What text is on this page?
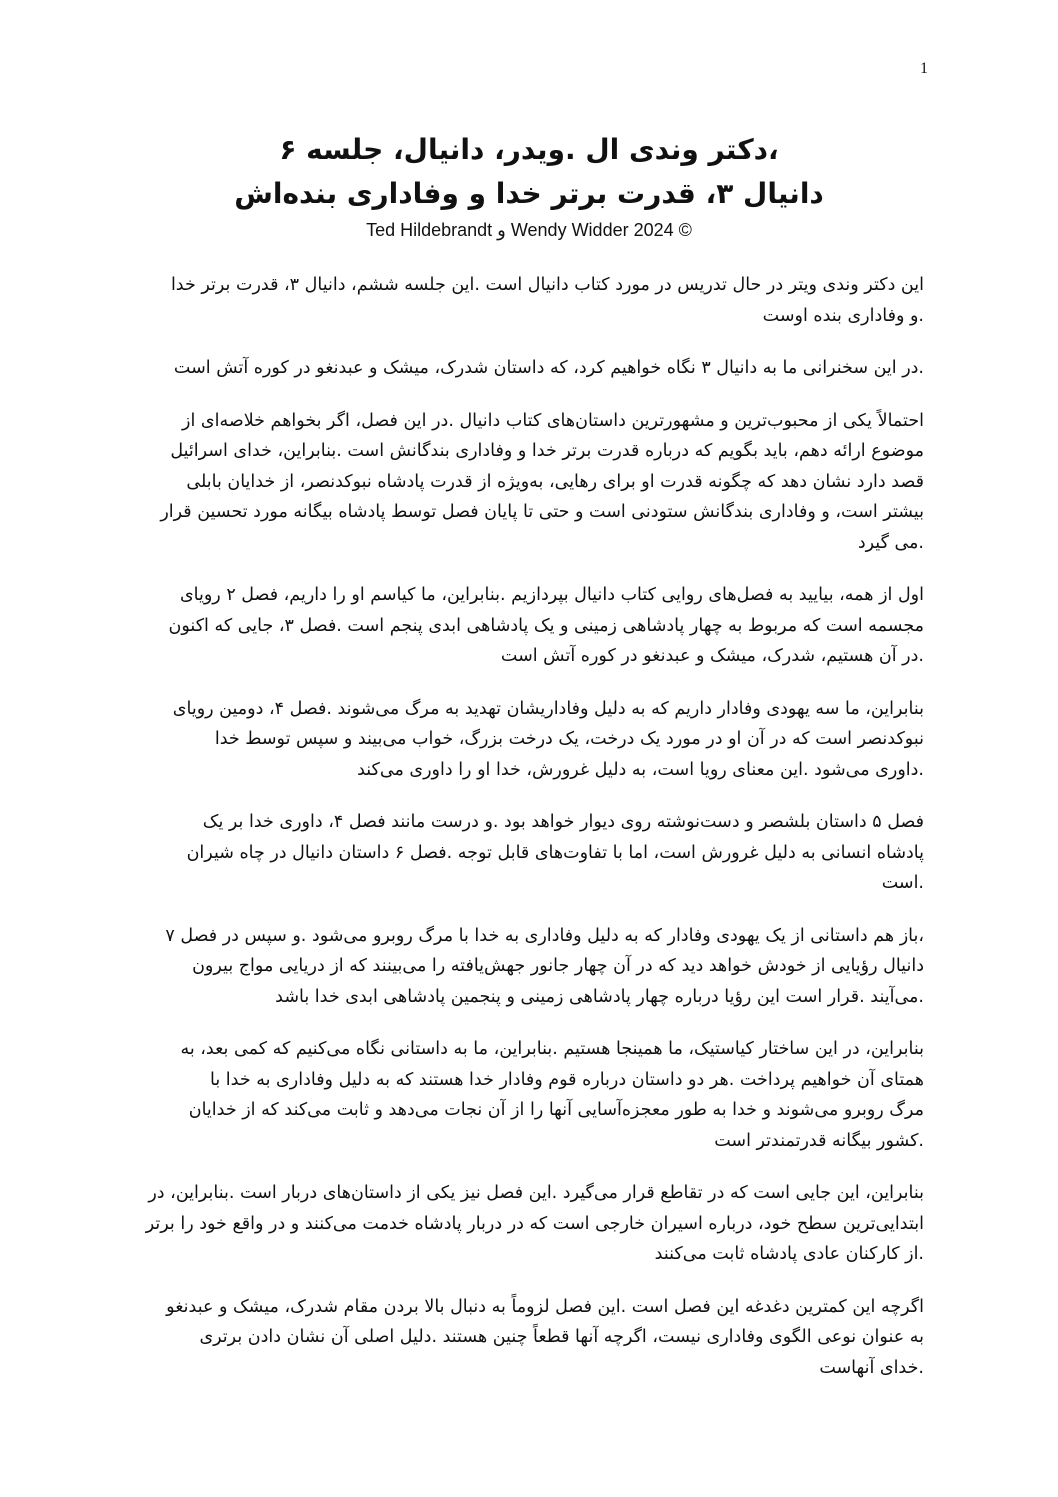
1
،دکتر وندی ال .ویدر، دانیال، جلسه ۶
دانیال ۳، قدرت برتر خدا و وفاداری بنده‌اش
© 2024 Wendy Widder و Ted Hildebrandt
این دکتر وندی ویتر در حال تدریس در مورد کتاب دانیال است .این جلسه ششم، دانیال ۳، قدرت برتر خدا
.و وفاداری بنده اوست
.در این سخنرانی ما به دانیال ۳ نگاه خواهیم کرد، که داستان شدرک، میشک و عبدنغو در کوره آتش است
احتمالاً یکی از محبوب‌ترین و مشهورترین داستان‌های کتاب دانیال .در این فصل، اگر بخواهم خلاصه‌ای از
موضوع ارائه دهم، باید بگویم که درباره قدرت برتر خدا و وفاداری بندگانش است .بنابراین، خدای اسرائیل
قصد دارد نشان دهد که چگونه قدرت او برای رهایی، به‌ویژه از قدرت پادشاه نبوکدنصر، از خدایان بابلی
بیشتر است، و وفاداری بندگانش ستودنی است و حتی تا پایان فصل توسط پادشاه بیگانه مورد تحسین قرار
.می گیرد
اول از همه، بیایید به فصل‌های روایی کتاب دانیال بپردازیم .بنابراین، ما کیاسم او را داریم، فصل ۲ رویای
مجسمه است که مربوط به چهار پادشاهی زمینی و یک پادشاهی ابدی پنجم است .فصل ۳، جایی که اکنون
.در آن هستیم، شدرک، میشک و عبدنغو در کوره آتش است
بنابراین، ما سه یهودی وفادار داریم که به دلیل وفاداریشان تهدید به مرگ می‌شوند .فصل ۴، دومین رویای
نبوکدنصر است که در آن او در مورد یک درخت، یک درخت بزرگ، خواب می‌بیند و سپس توسط خدا
.داوری می‌شود .این معنای رویا است، به دلیل غرورش، خدا او را داوری می‌کند
فصل ۵ داستان بلشصر و دست‌نوشته روی دیوار خواهد بود .و درست مانند فصل ۴، داوری خدا بر یک
پادشاه انسانی به دلیل غرورش است، اما با تفاوت‌های قابل توجه .فصل ۶ داستان دانیال در چاه شیران
.است
،باز هم داستانی از یک یهودی وفادار که به دلیل وفاداری به خدا با مرگ روبرو می‌شود .و سپس در فصل ۷
دانیال رؤیایی از خودش خواهد دید که در آن چهار جانور جهش‌یافته را می‌بینند که از دریایی مواج بیرون
.می‌آیند .قرار است این رؤیا درباره چهار پادشاهی زمینی و پنجمین پادشاهی ابدی خدا باشد
بنابراین، در این ساختار کیاستیک، ما همینجا هستیم .بنابراین، ما به داستانی نگاه می‌کنیم که کمی بعد، به
همتای آن خواهیم پرداخت .هر دو داستان درباره قوم وفادار خدا هستند که به دلیل وفاداری به خدا با
مرگ روبرو می‌شوند و خدا به طور معجزه‌آسایی آنها را از آن نجات می‌دهد و ثابت می‌کند که از خدایان
.کشور بیگانه قدرتمندتر است
بنابراین، این جایی است که در تقاطع قرار می‌گیرد .این فصل نیز یکی از داستان‌های دربار است .بنابراین، در
ابتدایی‌ترین سطح خود، درباره اسیران خارجی است که در دربار پادشاه خدمت می‌کنند و در واقع خود را برتر
.از کارکنان عادی پادشاه ثابت می‌کنند
اگرچه این کمترین دغدغه این فصل است .این فصل لزوماً به دنبال بالا بردن مقام شدرک، میشک و عبدنغو
به عنوان نوعی الگوی وفاداری نیست، اگرچه آنها قطعاً چنین هستند .دلیل اصلی آن نشان دادن برتری
.خدای آنهاست
